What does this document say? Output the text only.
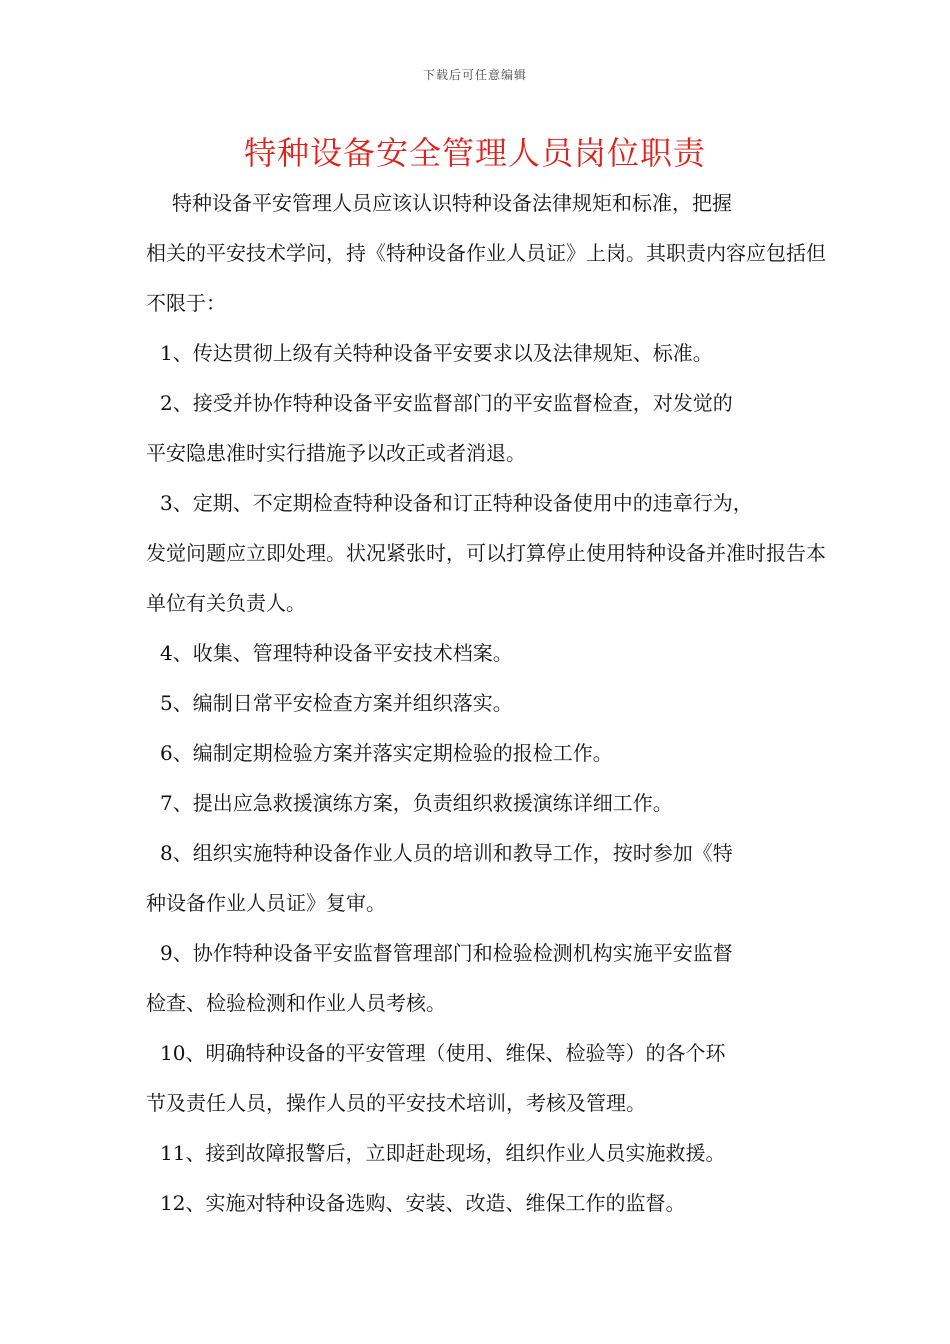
下载后可任意编辑
特种设备安全管理人员岗位职责

特种设备平安管理人员应该认识特种设备法律规矩和标准，把握
相关的平安技术学问，持《特种设备作业人员证》上岗。其职责内容应包括但不限于：

1、传达贯彻上级有关特种设备平安要求以及法律规矩、标准。

2、接受并协作特种设备平安监督部门的平安监督检查，对发觉的
平安隐患准时实行措施予以改正或者消退。

3、定期、不定期检查特种设备和订正特种设备使用中的违章行为，
发觉问题应立即处理。状况紧张时，可以打算停止使用特种设备并准时报告本单位有关负责人。

4、收集、管理特种设备平安技术档案。

5、编制日常平安检查方案并组织落实。

6、编制定期检验方案并落实定期检验的报检工作。

7、提出应急救援演练方案，负责组织救援演练详细工作。

8、组织实施特种设备作业人员的培训和教导工作，按时参加《特
种设备作业人员证》复审。

9、协作特种设备平安监督管理部门和检验检测机构实施平安监督
检查、检验检测和作业人员考核。

10、明确特种设备的平安管理（使用、维保、检验等）的各个环
节及责任人员，操作人员的平安技术培训，考核及管理。

11、接到故障报警后，立即赶赴现场，组织作业人员实施救援。

12、实施对特种设备选购、安装、改造、维保工作的监督。
